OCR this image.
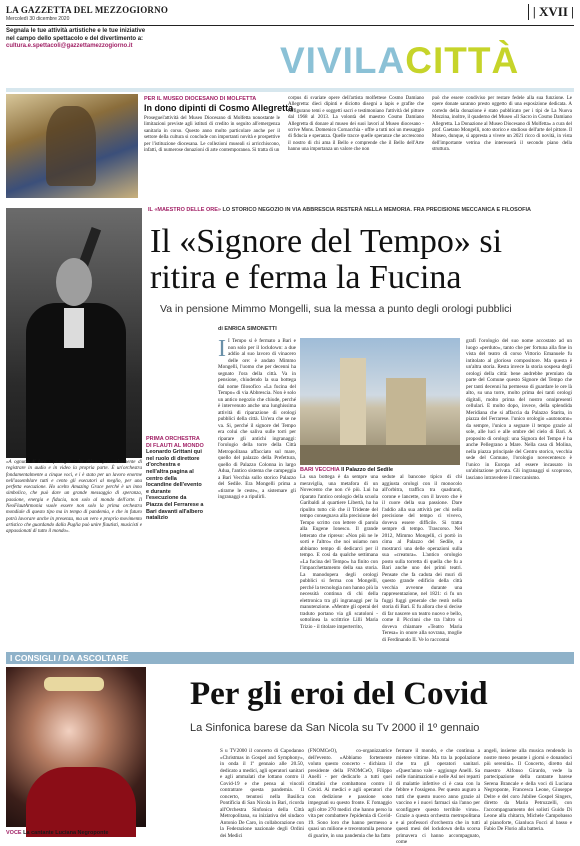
LA GAZZETTA DEL MEZZOGIORNO
Mercoledì 30 dicembre 2020	| XVII |
Segnala le tue attività artistiche e le tue iniziative
nel campo dello spettacolo e del divertimento a:
cultura.e.spettacoli@gazzettamezzogiorno.it	VIVILACITTÀ
PER IL MUSEO DIOCESANO DI MOLFETTA
In dono dipinti di Cosmo Allegretta
Proseguel'attività del Museo Diocesano di Molfetta nonostante le limitazioni previste agli istituti di credito in seguito all'emergenza sanitaria in corso. Questo anno molto particolare anche per il settore della cultura si conclude con importanti novità e prospettive per l'istituzione diocesana. Le collezioni museali si arricchiscono, infatti, di numerose donazioni di arte contemporanea. Si tratta di un
corpus di svariate opere dell'artista molfettese Cosmo Damiano Allegretta: dieci dipinti e diciotto disegni a lapis e grafite che raffigurano temi e soggetti sacri e testimoniano l'attività del pittore dal 1968 al 2013. La volontà del maestro Cosmo Damiano Allegretta di donare al museo dei suoi lavori al Museo diocesano - scrive Mons. Domenico Cornacchia - offre a tutti noi un messaggio di fiducia e speranza. Quelle tracce quelle speranze che accrescono il nostro di chi ama il Bello e comprende che il Bello dell'Arte hanno una importanza un valore che non
può che essere condiviso per restare fedele alla sua funzione. Le opere donate saranno presto oggetto di una esposizione dedicata. A corredo della donazione è stato pubblicato per i tipi de La Nuova Mezzina, inoltre, il quaderno del Museo «Il Sacro in Cosmo Damiano Allegretta. La Donazione al Museo Diocesano di Molfetta» a cura del prof. Gaetano Mongelli, noto storico e studioso dell'arte del pittore. Il Museo, dunque, si appresta a vivere un 2021 ricco di novità, in vista dell'importante vetrina che interesserà il secondo piano della struttura.
IL «MAESTRO DELLE ORE» LO STORICO NEGOZIO IN VIA ABBRESCIA RESTERÀ NELLA MEMORIA. FRA PRECISIONE MECCANICA E FILOSOFIA
Il «Signore del Tempo» si ritira e ferma la Fucina
Va in pensione Mimmo Mongelli, sua la messa a punto degli orologi pubblici
di ENRICA SIMONETTI
«A ognuno di loro - prosegue - ho chiesto preventivamente di registrare in audio e in video la propria parte. È un'orchestra fondamentalmente a cinque voci, e i è stato per un lavoro enorme nell'assemblare tutti e cento gli esecutori al meglio, per una perfetta esecuzione. Ho scelto Amazing Grace perché è un inno simbolico, che può dare un grande messaggio di speranza, passione, energia e fiducia, non solo al mondo dell'arte. Il NeoFlautArmonia vuole essere non solo la prima orchestra mondiale di questo tipo ma in tempo di pandemia, e che in futuro potrà lavorare anche in presenza, ma un vero e proprio movimento artistico che guardando dalla Puglia può unire flautisti, musicisti e appassionati di tutto il mondo».
PRIMA ORCHESTRA DI FLAUTI AL MONDO
Leonardo Grittani qui nel ruolo di direttore d'orchestra e nell'altra pagina al centro della locandine dell'evento e durante l'esecuzione da Piazza del Ferrarese a Bari davanti all'albero natalizio
I I Tempo si è fermato a Bari e non solo per il lockdown: a due addio al suo lavoro di vinacero delle ore: è andato Mimmo Mongelli, l'uomo che per decenni ha segnato l'ora della città. Va in pensione, chiudendo la sua bottega dal nome filosofico «La fucina del Tempo» di via Abbrescia. Non è solo un antico negozio che chiude, perché è intervenuto anche una lunghissima attività di riparazione di orologi pubblici della città. Un'era che se ne va. Si, perché il signore del Tempo era colui che saliva sulle torri per riparare gli antichi ingranaggi: l'orologio della torre della Città Metropolitana affacciato sul mare, quello del palazzo della Prefettura, quello di Palazzo Colonna in largo Adua, l'antico sistema che campeggia a Bari Vecchia sullo storico Palazzo del Sedile. Era Mongelli prima a «tirarne le ceste», a sistemare gli ingranaggi e a ripulirli.
La sua bottega è da sempre una meraviglia, una metafora di un Novecento che non c'è più. Lui ha riparato l'antico orologio della scuola Garibaldi al quartiere Libertà, ha ha ripulito tutto ciò che il Tridente del tempo consegnava alla precisione del Tempo scritto con lettere di parola alla Eugene Ionesco. Il grande letterato che ripreso: «Non più ne le sorti e l'altro» che noi usiamo non abbiamo tempo di dedicarci per il tempo. E così da qualche settimana «La fucina del Tempo» ha finito con l'impacchettamento della sua storia. La manodopera degli orologi pubblici si ferma con Mongelli, perché la tecnologia non hanno più la necessità continua di chi della elettronica tra gli ingranaggi per la manutenzione. «Mentre gli operai del traduto portano via gli scatoloni - sottolinea la scrittrice Lilli Maria Trizio - il titolare imperterrito,
sedute al banconе tipico di chi aggiusta orologi con il monocolo all'orbitra, trafficа tra quadranti, corone e lancette, con il lavoro che è il cuore della sua passione. Dare l'addio alla sua attività per chi nella precisione del tempo ci vivevo, doveva essere difficile. Si tratta sempre di tempo. Trascorso. Nel 2012, Mimmo Mongelli, ci portò in cima al Palazzo del Sedile, a mostrarci una delle operazioni sulla sua «creatura». L'antico orologio posto sulla torretta di quella che fu a Bari anche uno dei primi teatri. Pensate che fa caduta dei muri di questo grande edificio della città vecchia avvenne durante una rappresentazione, nel 1821: ci fu un fuggi fuggi generale che restò nella storia di Bari. E fu allora che si decise di far nascere un teatro nuovo e bello, come il Piccinni che tra l'altro si doveva chiamare «Teatro Maria Teresa» in onore alla sovrana, moglie di Ferdinando II. Ve lo raccontai
grafi l'orologio del suo nome accostato ad un luogo «perduto», tanto che per fortuna alla fine in vista del teatro di corso Vittorio Emanuele fu intitolato al glorioso compositore. Ma questa è un'altra storia. Resta invece la storia sospesa degli orologi della città: bene andrebbe premiato da parte del Comune questo Signore del Tempo che per tanti decenni ha permesso di guardare le ore là alto, su una torre, molto prima dei tanti orologi digitali, molto prima del nostro onnipresenti cellulari. E molto dopo, invece, della splendida Meridiana che si affaccia da Palazzo Starita, in piazza del Ferrarese. l'unico orologio «autonomo» da sempre, l'unico a segnare il tempo grazie al sole, alle luci e alle ombre del cielo di Bari. A proposito di orologi: una Signora del Tempo è ha anche Pellegrano a Mare. Nella casa di Molina, nella piazza principale del Centro storico, vecchia sede del Comune, l'orologio novecentesco è l'unico in Europa ad essere incassato in un'abitazione privata. Gli ingranaggi si scoprono, lasciano intravedere il meccanismo.
BARI VECCHIA Il Palazzo del Sedile
I CONSIGLI / DA ASCOLTARE
VOCE La cantante Luciana Negroponte
Per gli eroi del Covid
La Sinfonica barese da San Nicola su Tv 2000 il 1º gennaio
S u TV2000 il concerto di Capodanno «Christmas in Gospel and Symphony», in onda il 1º gennaio alle 20.50, dedicato a medici, agli operatori sanitari e agli ammalati che lottano contro il Covid-19 e che pensa ai vincoli contratrare questa pandemia. Il concerto, tenutosi nella Basilica Pontificia di San Nicola in Bari, ricorda all'Orchestra Sinfonica della Città Metropolitana, su iniziativa del sindaco Antonio De Caro, in collaborazione con la Federazione nazionale degli Ordini dei Medici
(FNOMCeO), co-organizzatrice dell'evento. «Abbiamo fortemente voluto questo concerto - dichiara il presidente della FNOMCeO, Filippo Anelli - per dedicarlo a tutti quei cittadini che combattono contro il Covid. Ai medici e agli operatori che con dedizione e passione sono impegnati su questo fronte. E l'omaggio agli oltre 270 medici che hanno perso la vita per combattere l'epidemia di Covid-19. Sono loro che hanno permesso a quasi un milione e trecentomila persone di guarire, in una pandemia che ha fatto
fermare il mondo, e che continua a mietere vittime. Ma tra la popolazione che tra gli operatori sanitari. «Quest'anno vale - aggiunge Anelli. Sa nelle rianimazioni e nelle Asl nei reparti di malattie infettive ci è casa con la febbre e l'ossigeno. Per questo auguro a tutti che questo nuovo anno grazie al vaccino e i nuovi farmaci sia l'anno per sconfiggere questo terribile virus». Grazie a questa orchestra metropolitana e ai professori d'orchestra che in tutti questi mesi del lockdown della scorsa primavera ci hanno accompagnato, come
angeli, insieme alla musica rendendo in nostre meno pesante i giorni e donandoci più serenità». Il Concerto, diretto dal maestro Alfonso Girardo, vede la partecipazione della cantante barese Serena Brancale e della voci di Luciana Negroponte, Francesca Leone, Giuseppe Delre e del coro Jubilee Gospel Singers, diretto da Maria Petruzzelli, con l'accompagnamento dei solisti Guido Di Leone alla chitarra, Michele Campobasso al pianoforte, Gianluca Fucci al basso e Fabio De Florio alla batteria.
